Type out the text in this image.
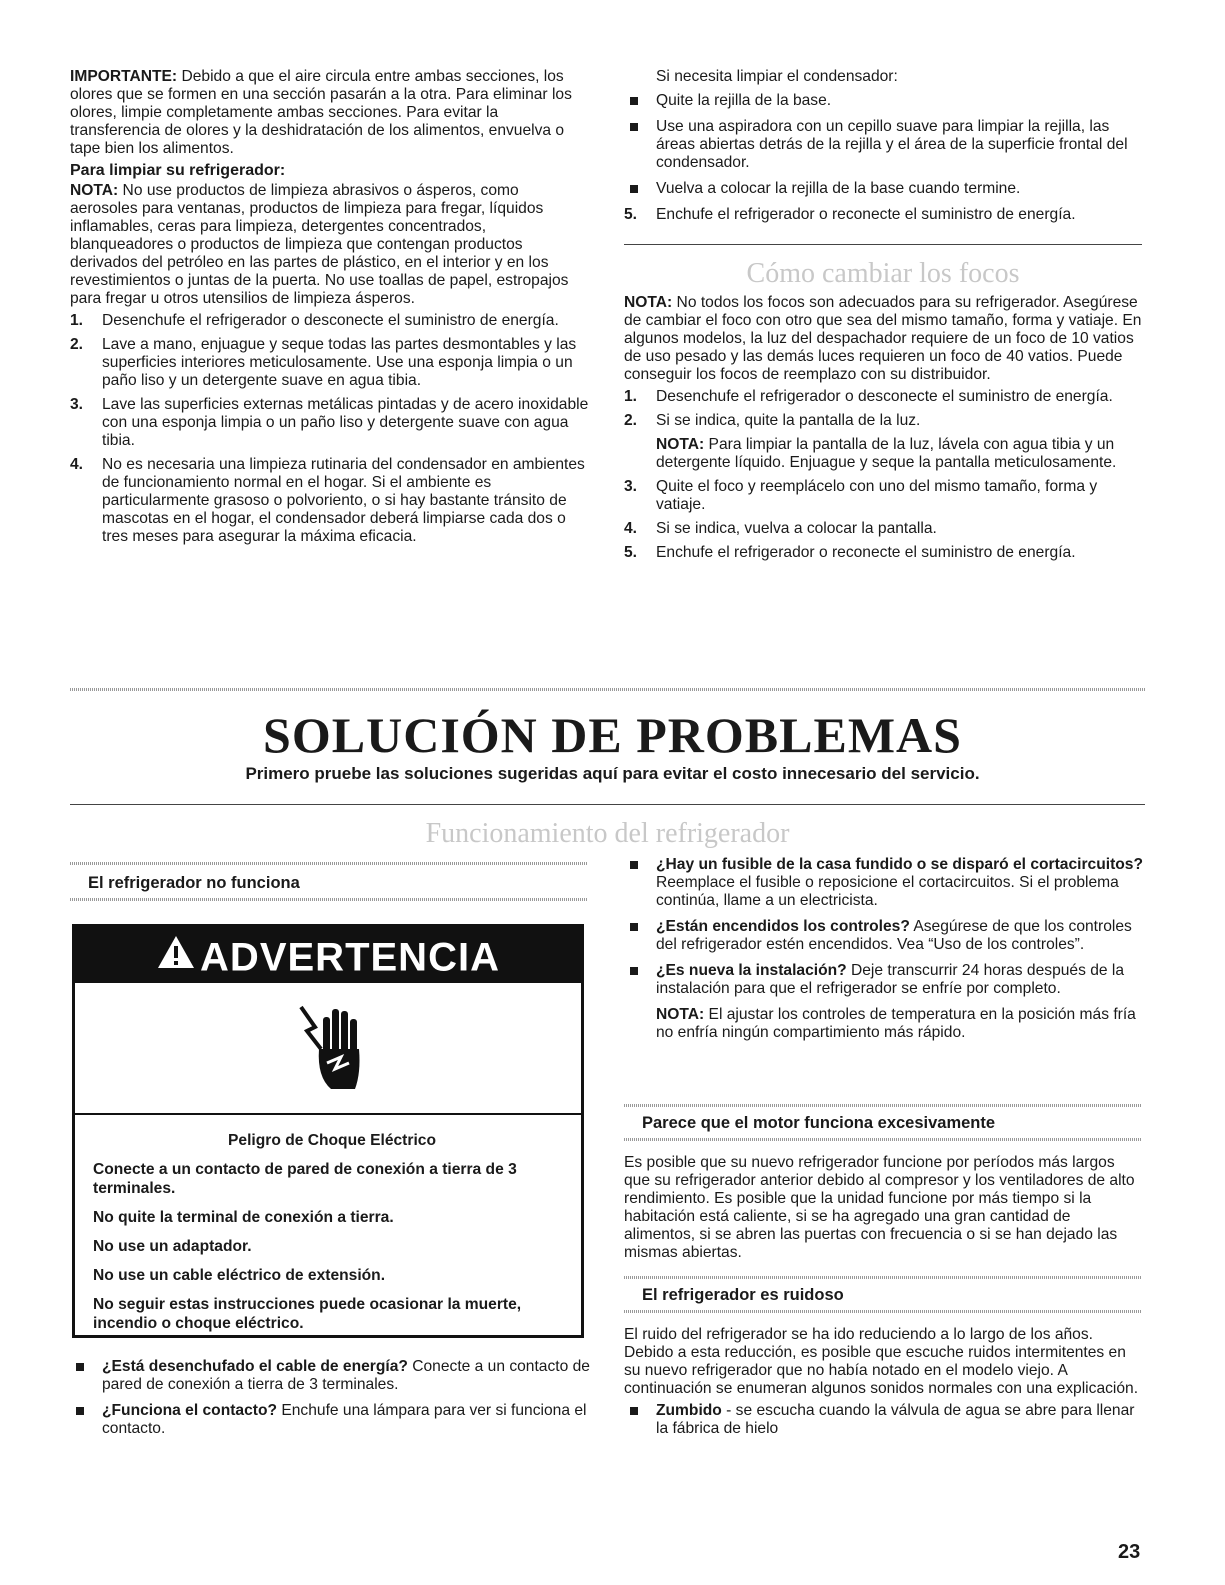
IMPORTANTE: Debido a que el aire circula entre ambas secciones, los olores que se formen en una sección pasarán a la otra. Para eliminar los olores, limpie completamente ambas secciones. Para evitar la transferencia de olores y la deshidratación de los alimentos, envuelva o tape bien los alimentos.

Para limpiar su refrigerador:

NOTA: No use productos de limpieza abrasivos o ásperos, como aerosoles para ventanas, productos de limpieza para fregar, líquidos inflamables, ceras para limpieza, detergentes concentrados, blanqueadores o productos de limpieza que contengan productos derivados del petróleo en las partes de plástico, en el interior y en los revestimientos o juntas de la puerta. No use toallas de papel, estropajos para fregar u otros utensilios de limpieza ásperos.

1. Desenchufe el refrigerador o desconecte el suministro de energía.
2. Lave a mano, enjuague y seque todas las partes desmontables y las superficies interiores meticulosamente. Use una esponja limpia o un paño liso y un detergente suave en agua tibia.
3. Lave las superficies externas metálicas pintadas y de acero inoxidable con una esponja limpia o un paño liso y detergente suave con agua tibia.
4. No es necesaria una limpieza rutinaria del condensador en ambientes de funcionamiento normal en el hogar. Si el ambiente es particularmente grasoso o polvoriento, o si hay bastante tránsito de mascotas en el hogar, el condensador deberá limpiarse cada dos o tres meses para asegurar la máxima eficacia.

Si necesita limpiar el condensador:

Quite la rejilla de la base.
Use una aspiradora con un cepillo suave para limpiar la rejilla, las áreas abiertas detrás de la rejilla y el área de la superficie frontal del condensador.
Vuelva a colocar la rejilla de la base cuando termine.
5. Enchufe el refrigerador o reconecte el suministro de energía.
Cómo cambiar los focos

NOTA: No todos los focos son adecuados para su refrigerador. Asegúrese de cambiar el foco con otro que sea del mismo tamaño, forma y vatiaje. En algunos modelos, la luz del despachador requiere de un foco de 10 vatios de uso pesado y las demás luces requieren un foco de 40 vatios. Puede conseguir los focos de reemplazo con su distribuidor.

1. Desenchufe el refrigerador o desconecte el suministro de energía.
2. Si se indica, quite la pantalla de la luz.
NOTA: Para limpiar la pantalla de la luz, lávela con agua tibia y un detergente líquido. Enjuague y seque la pantalla meticulosamente.
3. Quite el foco y reemplácelo con uno del mismo tamaño, forma y vatiaje.
4. Si se indica, vuelva a colocar la pantalla.
5. Enchufe el refrigerador o reconecte el suministro de energía.
SOLUCIÓN DE PROBLEMAS
Primero pruebe las soluciones sugeridas aquí para evitar el costo innecesario del servicio.
Funcionamiento del refrigerador
El refrigerador no funciona
ADVERTENCIA

Peligro de Choque Eléctrico

Conecte a un contacto de pared de conexión a tierra de 3 terminales.

No quite la terminal de conexión a tierra.

No use un adaptador.

No use un cable eléctrico de extensión.

No seguir estas instrucciones puede ocasionar la muerte, incendio o choque eléctrico.

¿Está desenchufado el cable de energía? Conecte a un contacto de pared de conexión a tierra de 3 terminales.
¿Funciona el contacto? Enchufe una lámpara para ver si funciona el contacto.
¿Hay un fusible de la casa fundido o se disparó el cortacircuitos? Reemplace el fusible o reposicione el cortacircuitos. Si el problema continúa, llame a un electricista.
¿Están encendidos los controles? Asegúrese de que los controles del refrigerador estén encendidos. Vea “Uso de los controles”.
¿Es nueva la instalación? Deje transcurrir 24 horas después de la instalación para que el refrigerador se enfríe por completo.
NOTA: El ajustar los controles de temperatura en la posición más fría no enfría ningún compartimiento más rápido.
Parece que el motor funciona excesivamente

Es posible que su nuevo refrigerador funcione por períodos más largos que su refrigerador anterior debido al compresor y los ventiladores de alto rendimiento. Es posible que la unidad funcione por más tiempo si la habitación está caliente, si se ha agregado una gran cantidad de alimentos, si se abren las puertas con frecuencia o si se han dejado las mismas abiertas.

El refrigerador es ruidoso

El ruido del refrigerador se ha ido reduciendo a lo largo de los años. Debido a esta reducción, es posible que escuche ruidos intermitentes en su nuevo refrigerador que no había notado en el modelo viejo. A continuación se enumeran algunos sonidos normales con una explicación.

Zumbido - se escucha cuando la válvula de agua se abre para llenar la fábrica de hielo
23
